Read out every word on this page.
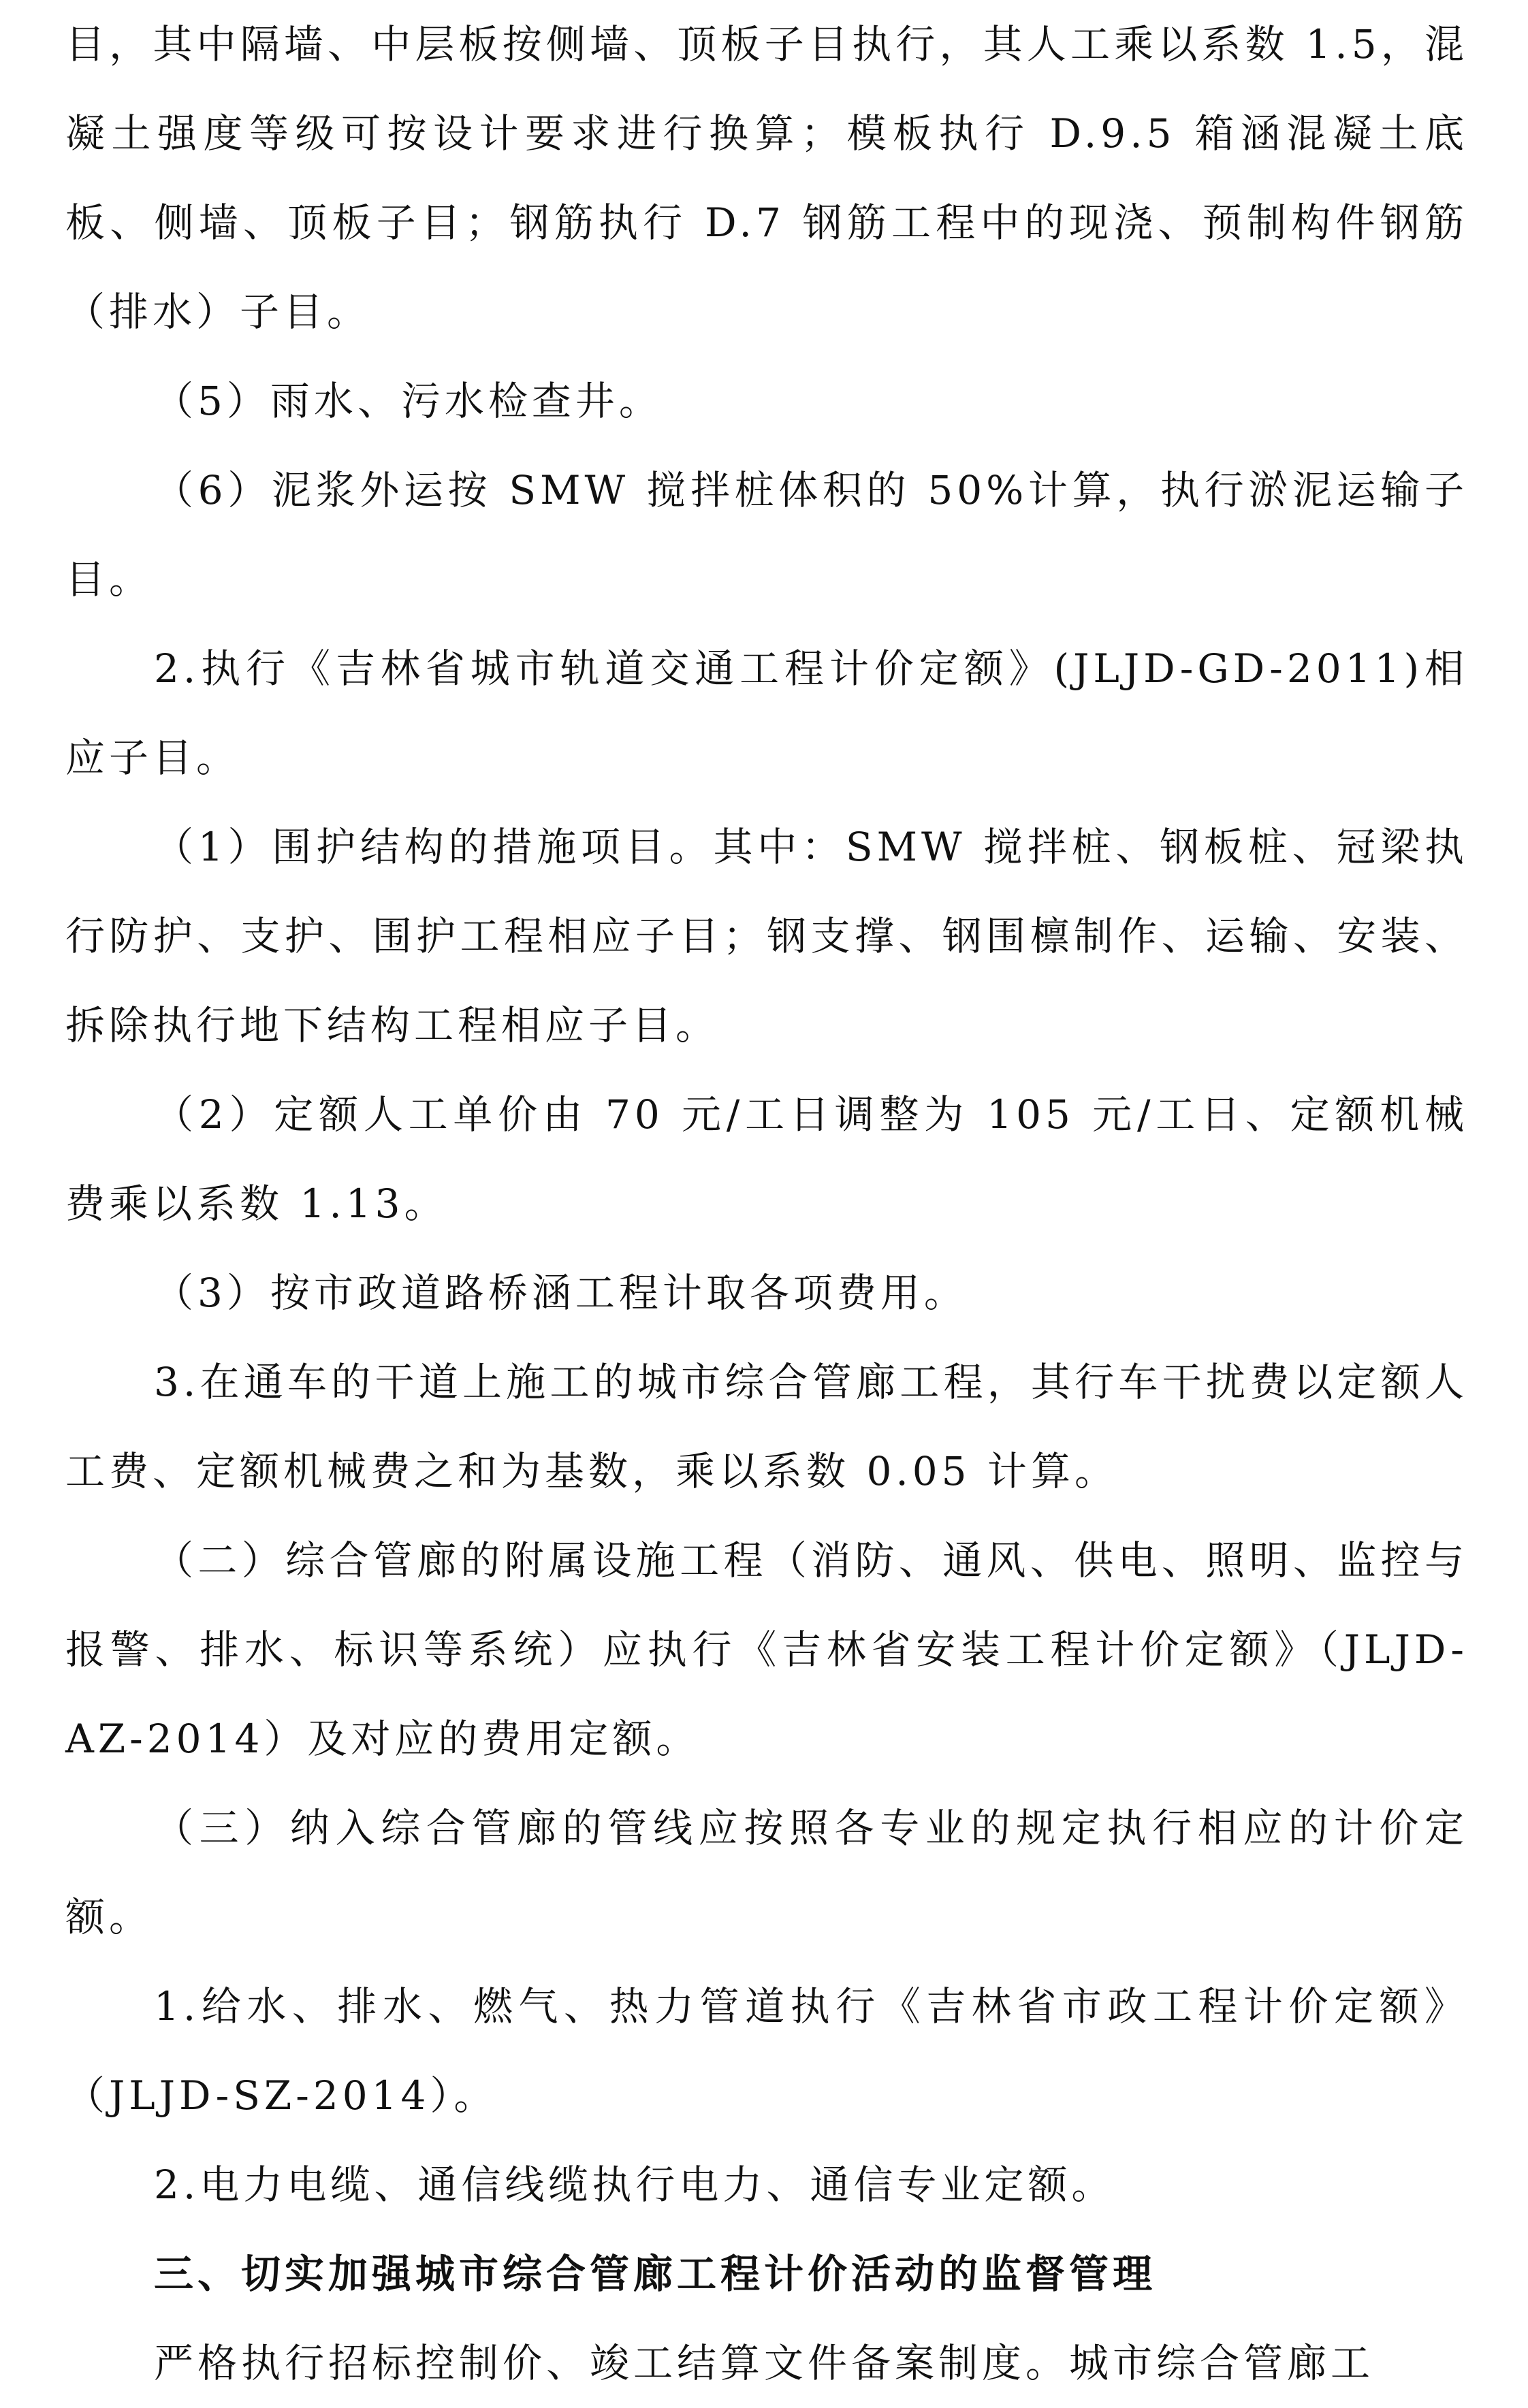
目，其中隔墙、中层板按侧墙、顶板子目执行，其人工乘以系数 1.5，混凝土强度等级可按设计要求进行换算；模板执行 D.9.5 箱涵混凝土底板、侧墙、顶板子目；钢筋执行 D.7 钢筋工程中的现浇、预制构件钢筋（排水）子目。

（5）雨水、污水检查井。

（6）泥浆外运按 SMW 搅拌桩体积的 50%计算，执行淤泥运输子目。

2.执行《吉林省城市轨道交通工程计价定额》(JLJD-GD-2011)相应子目。

（1）围护结构的措施项目。其中：SMW 搅拌桩、钢板桩、冠梁执行防护、支护、围护工程相应子目；钢支撑、钢围檩制作、运输、安装、拆除执行地下结构工程相应子目。

（2）定额人工单价由 70 元/工日调整为 105 元/工日、定额机械费乘以系数 1.13。

（3）按市政道路桥涵工程计取各项费用。

3.在通车的干道上施工的城市综合管廊工程，其行车干扰费以定额人工费、定额机械费之和为基数，乘以系数 0.05 计算。

（二）综合管廊的附属设施工程（消防、通风、供电、照明、监控与报警、排水、标识等系统）应执行《吉林省安装工程计价定额》（JLJD-AZ-2014）及对应的费用定额。

（三）纳入综合管廊的管线应按照各专业的规定执行相应的计价定额。

1.给水、排水、燃气、热力管道执行《吉林省市政工程计价定额》（JLJD-SZ-2014）。

2.电力电缆、通信线缆执行电力、通信专业定额。

三、切实加强城市综合管廊工程计价活动的监督管理

严格执行招标控制价、竣工结算文件备案制度。城市综合管廊工
